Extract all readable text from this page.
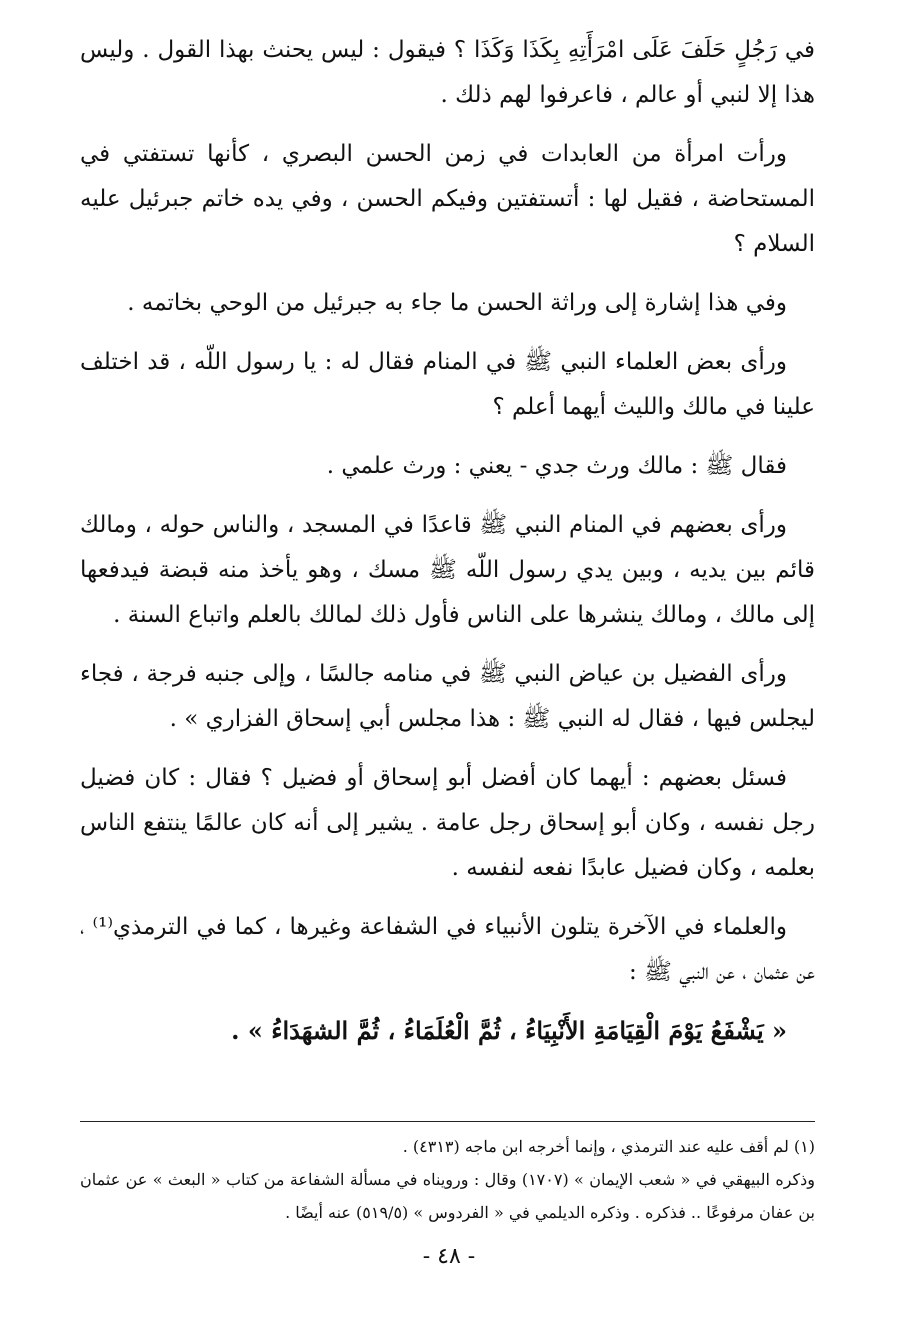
في رَجُلٍ حَلَفَ عَلَى امْرَأَتِهِ بِكَذَا وَكَذَا ؟ فيقول : ليس يحنث بهذا القول . وليس هذا إلا لنبي أو عالم ، فاعرفوا لهم ذلك .

ورأت امرأة من العابدات في زمن الحسن البصري ، كأنها تستفتي في المستحاضة ، فقيل لها : أتستفتين وفيكم الحسن ، وفي يده خاتم جبرئيل عليه السلام ؟

وفي هذا إشارة إلى وراثة الحسن ما جاء به جبرئيل من الوحي بخاتمه .

ورأى بعض العلماء النبي ﷺ في المنام فقال له : يا رسول اللّه ، قد اختلف علينا في مالك والليث أيهما أعلم ؟

فقال ﷺ : مالك ورث جدي - يعني : ورث علمي .

ورأى بعضهم في المنام النبي ﷺ قاعدًا في المسجد ، والناس حوله ، ومالك قائم بين يديه ، وبين يدي رسول اللّه ﷺ مسك ، وهو يأخذ منه قبضة فيدفعها إلى مالك ، ومالك ينشرها على الناس فأول ذلك لمالك بالعلم واتباع السنة .

ورأى الفضيل بن عياض النبي ﷺ في منامه جالسًا ، وإلى جنبه فرجة ، فجاء ليجلس فيها ، فقال له النبي ﷺ : هذا مجلس أبي إسحاق الفزاري » .

فسئل بعضهم : أيهما كان أفضل أبو إسحاق أو فضيل ؟ فقال : كان فضيل رجل نفسه ، وكان أبو إسحاق رجل عامة . يشير إلى أنه كان عالمًا ينتفع الناس بعلمه ، وكان فضيل عابدًا نفعه لنفسه .

والعلماء في الآخرة يتلون الأنبياء في الشفاعة وغيرها ، كما في الترمذي⁽¹⁾ ، عن عثمان ، عن النبي ﷺ :

« يَشْفَعُ يَوْمَ الْقِيَامَةِ الأَنْبِيَاءُ ، ثُمَّ الْعُلَمَاءُ ، ثُمَّ الشهَدَاءُ » .

(١) لم أقف عليه عند الترمذي ، وإنما أخرجه ابن ماجه (٤٣١٣) .

وذكره البيهقي في « شعب الإيمان » (١٧٠٧) وقال : ورويناه في مسألة الشفاعة من كتاب « البعث » عن عثمان بن عفان مرفوعًا .. فذكره . وذكره الديلمي في « الفردوس » (٥١٩/٥) عنه أيضًا .

- ٤٨ -
